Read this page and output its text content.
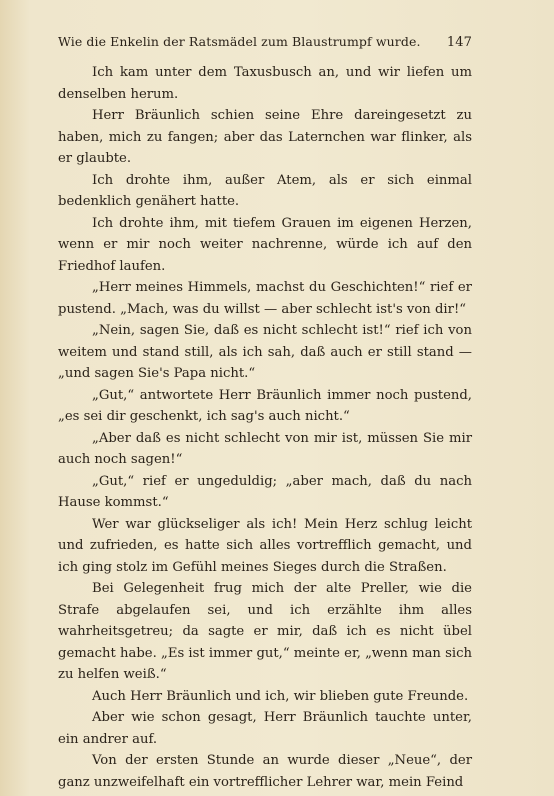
Wie die Enkelin der Ratsmädel zum Blaustrumpf wurde. 147

Ich kam unter dem Taxusbusch an, und wir liefen um denselben herum.

Herr Bräunlich schien seine Ehre dareingesetzt zu haben, mich zu fangen; aber das Laternchen war flinker, als er glaubte.

Ich drohte ihm, außer Atem, als er sich einmal bedenklich genähert hatte.

Ich drohte ihm, mit tiefem Grauen im eigenen Herzen, wenn er mir noch weiter nachrenne, würde ich auf den Friedhof laufen.

„Herr meines Himmels, machst du Geschichten!“ rief er pustend. „Mach, was du willst — aber schlecht ist's von dir!“

„Nein, sagen Sie, daß es nicht schlecht ist!“ rief ich von weitem und stand still, als ich sah, daß auch er still stand — „und sagen Sie's Papa nicht.“

„Gut,“ antwortete Herr Bräunlich immer noch pustend, „es sei dir geschenkt, ich sag's auch nicht.“

„Aber daß es nicht schlecht von mir ist, müssen Sie mir auch noch sagen!“

„Gut,“ rief er ungeduldig; „aber mach, daß du nach Hause kommst.“

Wer war glückseliger als ich! Mein Herz schlug leicht und zufrieden, es hatte sich alles vortrefflich gemacht, und ich ging stolz im Gefühl meines Sieges durch die Straßen.

Bei Gelegenheit frug mich der alte Preller, wie die Strafe abgelaufen sei, und ich erzählte ihm alles wahrheitsgetreu; da sagte er mir, daß ich es nicht übel gemacht habe. „Es ist immer gut,“ meinte er, „wenn man sich zu helfen weiß.“

Auch Herr Bräunlich und ich, wir blieben gute Freunde.

Aber wie schon gesagt, Herr Bräunlich tauchte unter, ein andrer auf.

Von der ersten Stunde an wurde dieser „Neue“, der ganz unzweifelhaft ein vortrefflicher Lehrer war, mein Feind
